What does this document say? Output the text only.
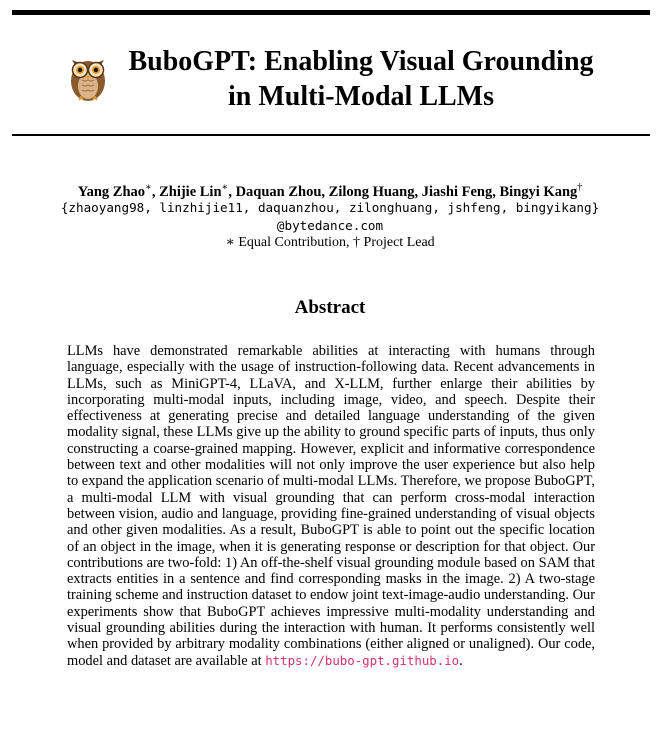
BuboGPT: Enabling Visual Grounding
in Multi-Modal LLMs
Yang Zhao∗, Zhijie Lin∗, Daquan Zhou, Zilong Huang, Jiashi Feng, Bingyi Kang†
{zhaoyang98, linzhijie11, daquanzhou, zilonghuang, jshfeng, bingyikang}
@bytedance.com
∗ Equal Contribution, † Project Lead
Abstract
LLMs have demonstrated remarkable abilities at interacting with humans through language, especially with the usage of instruction-following data. Recent advancements in LLMs, such as MiniGPT-4, LLaVA, and X-LLM, further enlarge their abilities by incorporating multi-modal inputs, including image, video, and speech. Despite their effectiveness at generating precise and detailed language understanding of the given modality signal, these LLMs give up the ability to ground specific parts of inputs, thus only constructing a coarse-grained mapping. However, explicit and informative correspondence between text and other modalities will not only improve the user experience but also help to expand the application scenario of multi-modal LLMs. Therefore, we propose BuboGPT, a multi-modal LLM with visual grounding that can perform cross-modal interaction between vision, audio and language, providing fine-grained understanding of visual objects and other given modalities. As a result, BuboGPT is able to point out the specific location of an object in the image, when it is generating response or description for that object. Our contributions are two-fold: 1) An off-the-shelf visual grounding module based on SAM that extracts entities in a sentence and find corresponding masks in the image. 2) A two-stage training scheme and instruction dataset to endow joint text-image-audio understanding. Our experiments show that BuboGPT achieves impressive multi-modality understanding and visual grounding abilities during the interaction with human. It performs consistently well when provided by arbitrary modality combinations (either aligned or unaligned). Our code, model and dataset are available at https://bubo-gpt.github.io.
